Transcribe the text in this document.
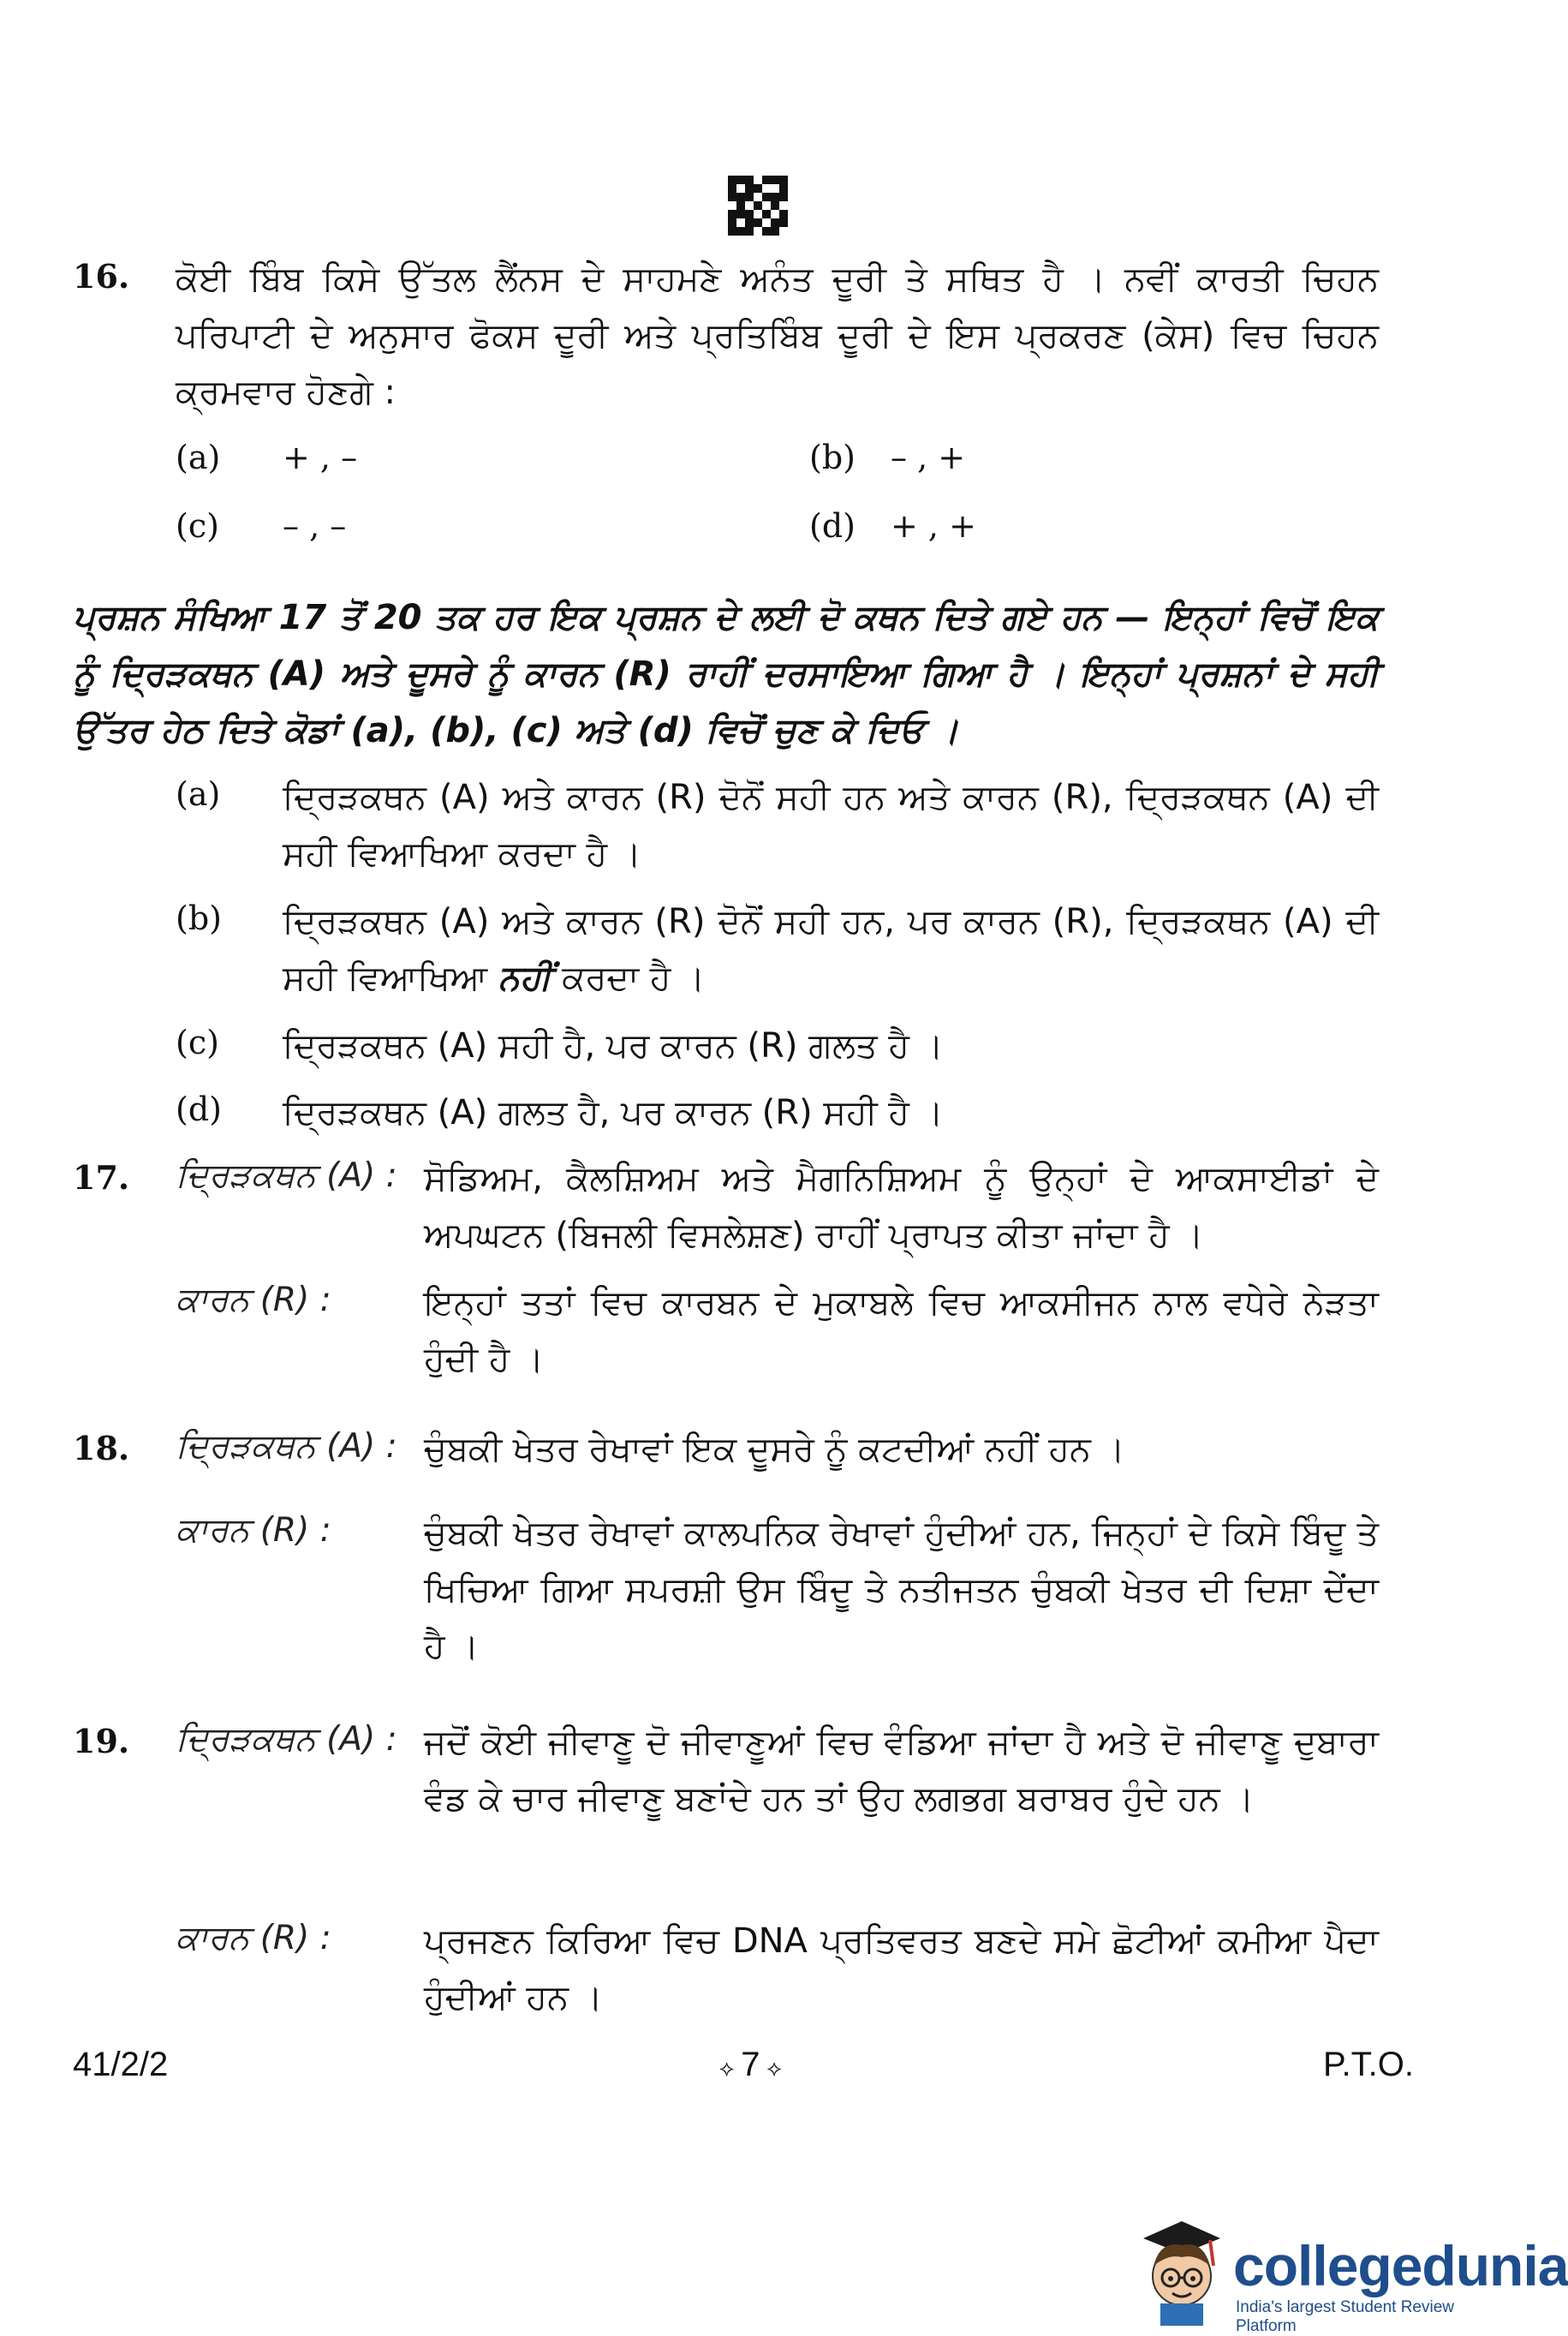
16. ਕੋਈ ਬਿੰਬ ਕਿਸੇ ਉੱਤਲ ਲੈਂਨਸ ਦੇ ਸਾਹਮਣੇ ਅਨੰਤ ਦੂਰੀ ਤੇ ਸਥਿਤ ਹੈ । ਨਵੀਂ ਕਾਰਤੀ ਚਿਹਨ ਪਰਿਪਾਟੀ ਦੇ ਅਨੁਸਾਰ ਫੋਕਸ ਦੂਰੀ ਅਤੇ ਪ੍ਰਤਿਬਿੰਬ ਦੂਰੀ ਦੇ ਇਸ ਪ੍ਰਕਰਣ (ਕੇਸ) ਵਿਚ ਚਿਹਨ ਕ੍ਰਮਵਾਰ ਹੋਣਗੇ :
(a) + , –	(b) – , +
(c) – , –	(d) + , +
ਪ੍ਰਸ਼ਨ ਸੰਖਿਆ 17 ਤੋਂ 20 ਤਕ ਹਰ ਇਕ ਪ੍ਰਸ਼ਨ ਦੇ ਲਈ ਦੋ ਕਥਨ ਦਿਤੇ ਗਏ ਹਨ — ਇਨ੍ਹਾਂ ਵਿਚੋਂ ਇਕ ਨੂੰ ਦ੍ਰਿੜਕਥਨ (A) ਅਤੇ ਦੂਸਰੇ ਨੂੰ ਕਾਰਨ (R) ਰਾਹੀਂ ਦਰਸਾਇਆ ਗਿਆ ਹੈ । ਇਨ੍ਹਾਂ ਪ੍ਰਸ਼ਨਾਂ ਦੇ ਸਹੀ ਉੱਤਰ ਹੇਠ ਦਿਤੇ ਕੋਡਾਂ (a), (b), (c) ਅਤੇ (d) ਵਿਚੋਂ ਚੁਣ ਕੇ ਦਿਓ ।
(a) ਦ੍ਰਿੜਕਥਨ (A) ਅਤੇ ਕਾਰਨ (R) ਦੋਨੋਂ ਸਹੀ ਹਨ ਅਤੇ ਕਾਰਨ (R), ਦ੍ਰਿੜਕਥਨ (A) ਦੀ ਸਹੀ ਵਿਆਖਿਆ ਕਰਦਾ ਹੈ ।
(b) ਦ੍ਰਿੜਕਥਨ (A) ਅਤੇ ਕਾਰਨ (R) ਦੋਨੋਂ ਸਹੀ ਹਨ, ਪਰ ਕਾਰਨ (R), ਦ੍ਰਿੜਕਥਨ (A) ਦੀ ਸਹੀ ਵਿਆਖਿਆ ਨਹੀਂ ਕਰਦਾ ਹੈ ।
(c) ਦ੍ਰਿੜਕਥਨ (A) ਸਹੀ ਹੈ, ਪਰ ਕਾਰਨ (R) ਗਲਤ ਹੈ ।
(d) ਦ੍ਰਿੜਕਥਨ (A) ਗਲਤ ਹੈ, ਪਰ ਕਾਰਨ (R) ਸਹੀ ਹੈ ।
17. ਦ੍ਰਿੜਕਥਨ (A) : ਸੋਡਿਅਮ, ਕੈਲਸ਼ਿਅਮ ਅਤੇ ਮੈਗਨਿਸ਼ਿਅਮ ਨੂੰ ਉਨ੍ਹਾਂ ਦੇ ਆਕਸਾਈਡਾਂ ਦੇ ਅਪਘਟਨ (ਬਿਜਲੀ ਵਿਸਲੇਸ਼ਣ) ਰਾਹੀਂ ਪ੍ਰਾਪਤ ਕੀਤਾ ਜਾਂਦਾ ਹੈ ।
ਕਾਰਨ (R) :	ਇਨ੍ਹਾਂ ਤਤਾਂ ਵਿਚ ਕਾਰਬਨ ਦੇ ਮੁਕਾਬਲੇ ਵਿਚ ਆਕਸੀਜਨ ਨਾਲ ਵਧੇਰੇ ਨੇੜਤਾ ਹੁੰਦੀ ਹੈ ।
18. ਦ੍ਰਿੜਕਥਨ (A) : ਚੁੰਬਕੀ ਖੇਤਰ ਰੇਖਾਵਾਂ ਇਕ ਦੂਸਰੇ ਨੂੰ ਕਟਦੀਆਂ ਨਹੀਂ ਹਨ ।
ਕਾਰਨ (R) :	ਚੁੰਬਕੀ ਖੇਤਰ ਰੇਖਾਵਾਂ ਕਾਲਪਨਿਕ ਰੇਖਾਵਾਂ ਹੁੰਦੀਆਂ ਹਨ, ਜਿਨ੍ਹਾਂ ਦੇ ਕਿਸੇ ਬਿੰਦੂ ਤੇ ਖਿਚਿਆ ਗਿਆ ਸਪਰਸ਼ੀ ਉਸ ਬਿੰਦੂ ਤੇ ਨਤੀਜਤਨ ਚੁੰਬਕੀ ਖੇਤਰ ਦੀ ਦਿਸ਼ਾ ਦੇਂਦਾ ਹੈ ।
19. ਦ੍ਰਿੜਕਥਨ (A) : ਜਦੋਂ ਕੋਈ ਜੀਵਾਣੂ ਦੋ ਜੀਵਾਣੂਆਂ ਵਿਚ ਵੰਡਿਆ ਜਾਂਦਾ ਹੈ ਅਤੇ ਦੋ ਜੀਵਾਣੂ ਦੁਬਾਰਾ ਵੰਡ ਕੇ ਚਾਰ ਜੀਵਾਣੂ ਬਣਾਂਦੇ ਹਨ ਤਾਂ ਉਹ ਲਗਭਗ ਬਰਾਬਰ ਹੁੰਦੇ ਹਨ ।
ਕਾਰਨ (R) :	ਪ੍ਰਜਣਨ ਕਿਰਿਆ ਵਿਚ DNA ਪ੍ਰਤਿਵਰਤ ਬਣਦੇ ਸਮੇ ਛੋਟੀਆਂ ਕਮੀਆ ਪੈਦਾ ਹੁੰਦੀਆਂ ਹਨ ।
41/2/2	⟡ 7 ⟡	P.T.O.
collegedunia
India's largest Student Review Platform
